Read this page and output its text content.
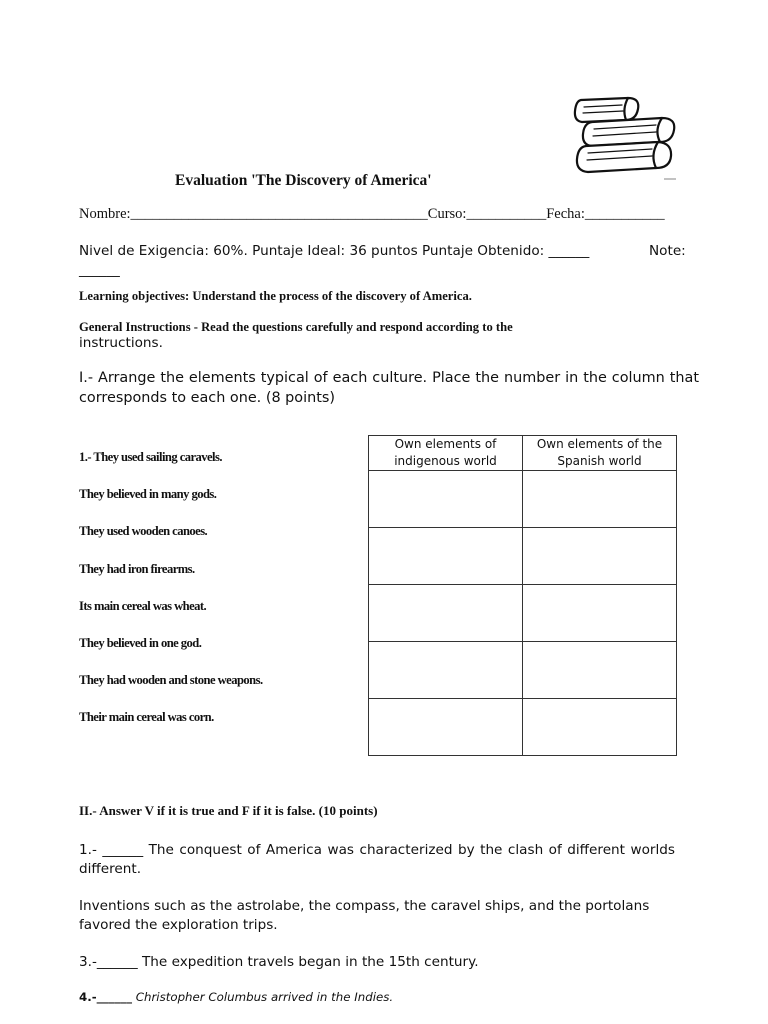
Evaluation 'The Discovery of America'

Nombre:_________________________________________Curso:___________Fecha:___________

Nivel de Exigencia: 60%. Puntaje Ideal: 36 puntos Puntaje Obtenido: ______	Note:

______

Learning objectives: Understand the process of the discovery of America.

General Instructions - Read the questions carefully and respond according to the

instructions.

I.- Arrange the elements typical of each culture. Place the number in the column that corresponds to each one. (8 points)

1.- They used sailing caravels.

They believed in many gods.

They used wooden canoes.

They had iron firearms.

Its main cereal was wheat.

They believed in one god.

They had wooden and stone weapons.

Their main cereal was corn.

Own elements of indigenous world	Own elements of the Spanish world

II.- Answer V if it is true and F if it is false. (10 points)

1.- ______ The conquest of America was characterized by the clash of different worlds different.

Inventions such as the astrolabe, the compass, the caravel ships, and the portolans favored the exploration trips.

3.-______ The expedition travels began in the 15th century.

4.-______ Christopher Columbus arrived in the Indies.
